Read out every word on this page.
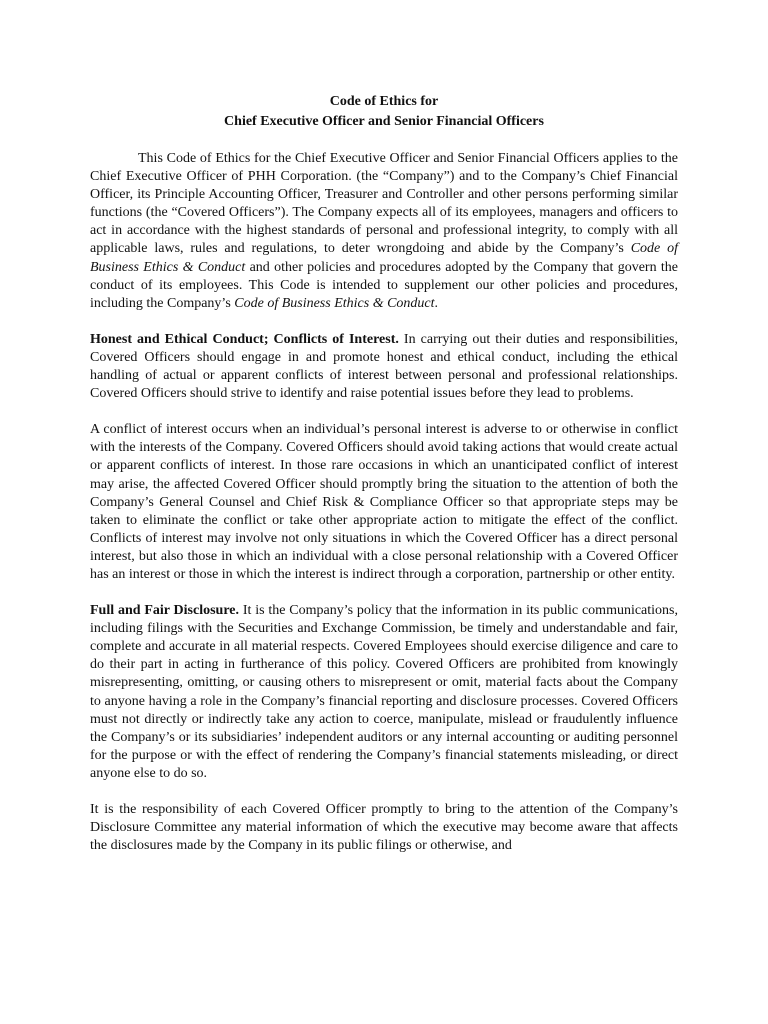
Code of Ethics for
Chief Executive Officer and Senior Financial Officers

This Code of Ethics for the Chief Executive Officer and Senior Financial Officers applies to the Chief Executive Officer of PHH Corporation. (the “Company”) and to the Company’s Chief Financial Officer, its Principle Accounting Officer, Treasurer and Controller and other persons performing similar functions (the “Covered Officers”). The Company expects all of its employees, managers and officers to act in accordance with the highest standards of personal and professional integrity, to comply with all applicable laws, rules and regulations, to deter wrongdoing and abide by the Company’s Code of Business Ethics & Conduct and other policies and procedures adopted by the Company that govern the conduct of its employees. This Code is intended to supplement our other policies and procedures, including the Company’s Code of Business Ethics & Conduct.

Honest and Ethical Conduct; Conflicts of Interest. In carrying out their duties and responsibilities, Covered Officers should engage in and promote honest and ethical conduct, including the ethical handling of actual or apparent conflicts of interest between personal and professional relationships. Covered Officers should strive to identify and raise potential issues before they lead to problems.

A conflict of interest occurs when an individual’s personal interest is adverse to or otherwise in conflict with the interests of the Company. Covered Officers should avoid taking actions that would create actual or apparent conflicts of interest. In those rare occasions in which an unanticipated conflict of interest may arise, the affected Covered Officer should promptly bring the situation to the attention of both the Company’s General Counsel and Chief Risk & Compliance Officer so that appropriate steps may be taken to eliminate the conflict or take other appropriate action to mitigate the effect of the conflict. Conflicts of interest may involve not only situations in which the Covered Officer has a direct personal interest, but also those in which an individual with a close personal relationship with a Covered Officer has an interest or those in which the interest is indirect through a corporation, partnership or other entity.

Full and Fair Disclosure. It is the Company’s policy that the information in its public communications, including filings with the Securities and Exchange Commission, be timely and understandable and fair, complete and accurate in all material respects. Covered Employees should exercise diligence and care to do their part in acting in furtherance of this policy. Covered Officers are prohibited from knowingly misrepresenting, omitting, or causing others to misrepresent or omit, material facts about the Company to anyone having a role in the Company’s financial reporting and disclosure processes. Covered Officers must not directly or indirectly take any action to coerce, manipulate, mislead or fraudulently influence the Company’s or its subsidiaries’ independent auditors or any internal accounting or auditing personnel for the purpose or with the effect of rendering the Company’s financial statements misleading, or direct anyone else to do so.

It is the responsibility of each Covered Officer promptly to bring to the attention of the Company’s Disclosure Committee any material information of which the executive may become aware that affects the disclosures made by the Company in its public filings or otherwise, and
